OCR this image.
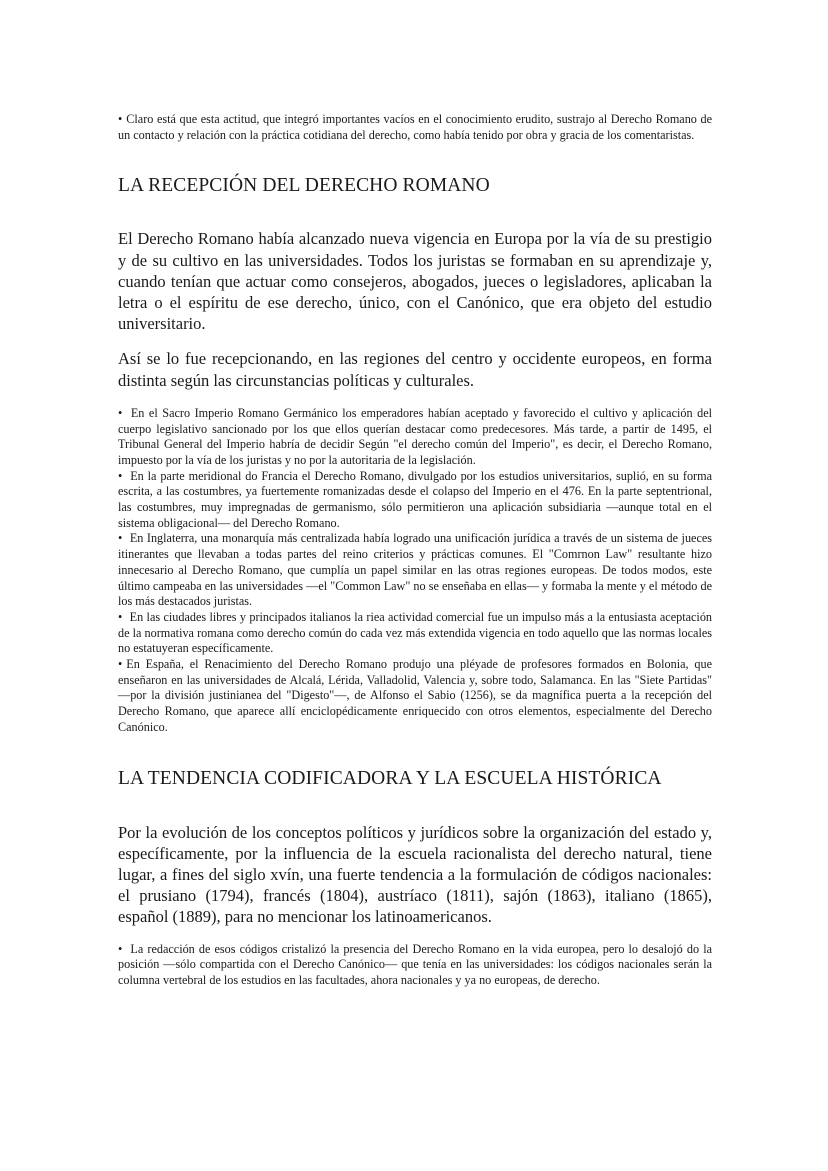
• Claro está que esta actitud, que integró importantes vacíos en el conocimiento erudito, sustrajo al Derecho Romano de un contacto y relación con la práctica cotidiana del derecho, como había tenido por obra y gracia de los comentaristas.

LA RECEPCIÓN DEL DERECHO ROMANO

El Derecho Romano había alcanzado nueva vigencia en Europa por la vía de su prestigio y de su cultivo en las universidades. Todos los juristas se formaban en su aprendizaje y, cuando tenían que actuar como consejeros, abogados, jueces o legisladores, aplicaban la letra o el espíritu de ese derecho, único, con el Canónico, que era objeto del estudio universitario.

Así se lo fue recepcionando, en las regiones del centro y occidente europeos, en forma distinta según las circunstancias políticas y culturales.

• En el Sacro Imperio Romano Germánico los emperadores habían aceptado y favorecido el cultivo y aplicación del cuerpo legislativo sancionado por los que ellos querían destacar como predecesores. Más tarde, a partir de 1495, el Tribunal General del Imperio habría de decidir Según "el derecho común del Imperio", es decir, el Derecho Romano, impuesto por la vía de los juristas y no por la autoritaria de la legislación.

• En la parte meridional do Francia el Derecho Romano, divulgado por los estudios universitarios, suplió, en su forma escrita, a las costumbres, ya fuertemente romanizadas desde el colapso del Imperio en el 476. En la parte septentrional, las costumbres, muy impregnadas de germanismo, sólo permitieron una aplicación subsidiaria —aunque total en el sistema obligacional— del Derecho Romano.

• En Inglaterra, una monarquía más centralizada había logrado una unificación jurídica a través de un sistema de jueces itinerantes que llevaban a todas partes del reino criterios y prácticas comunes. El "Comrnon Law" resultante hizo innecesario al Derecho Romano, que cumplía un papel similar en las otras regiones europeas. De todos modos, este último campeaba en las universidades —el "Common Law" no se enseñaba en ellas— y formaba la mente y el método de los más destacados juristas.

• En las ciudades libres y principados italianos la riea actividad comercial fue un impulso más a la entusiasta aceptación de la normativa romana como derecho común do cada vez más extendida vigencia en todo aquello que las normas locales no estatuyeran específicamente.

• En España, el Renacimiento del Derecho Romano produjo una pléyade de profesores formados en Bolonia, que enseñaron en las universidades de Alcalá, Lérida, Valladolid, Valencia y, sobre todo, Salamanca. En las "Siete Partidas" —por la división justinianea del "Digesto"—, de Alfonso el Sabio (1256), se da magnífica puerta a la recepción del Derecho Romano, que aparece allí enciclopédicamente enriquecido con otros elementos, especialmente del Derecho Canónico.

LA TENDENCIA CODIFICADORA Y LA ESCUELA HISTÓRICA

Por la evolución de los conceptos políticos y jurídicos sobre la organización del estado y, específicamente, por la influencia de la escuela racionalista del derecho natural, tiene lugar, a fines del siglo xvín, una fuerte tendencia a la formulación de códigos nacionales: el prusiano (1794), francés (1804), austríaco (1811), sajón (1863), italiano (1865), español (1889), para no mencionar los latinoamericanos.

• La redacción de esos códigos cristalizó la presencia del Derecho Romano en la vida europea, pero lo desalojó do la posición —sólo compartida con el Derecho Canónico— que tenía en las universidades: los códigos nacionales serán la columna vertebral de los estudios en las facultades, ahora nacionales y ya no europeas, de derecho.
